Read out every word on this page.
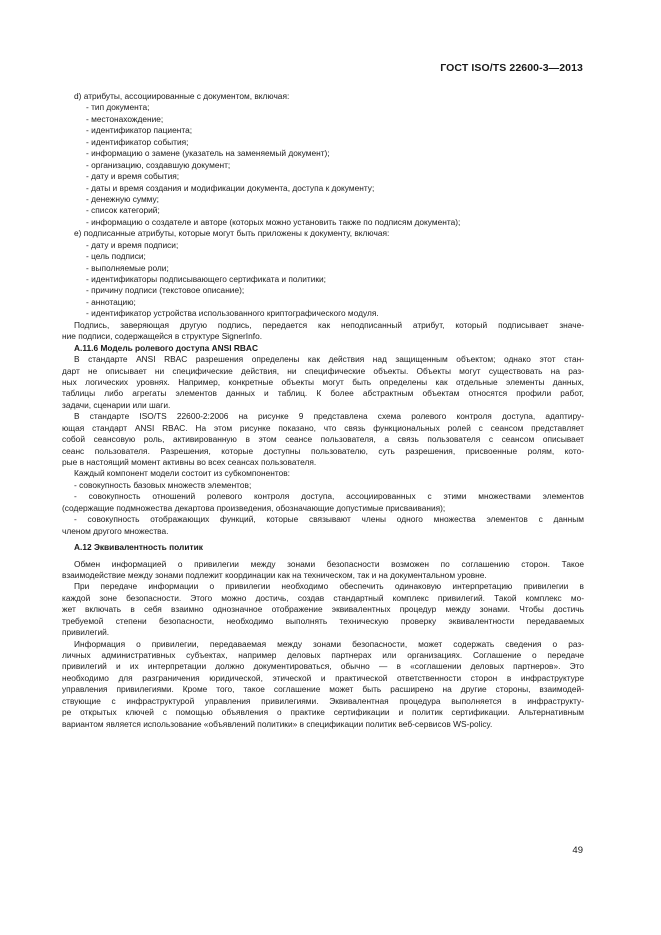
ГОСТ ISO/TS 22600-3—2013
d) атрибуты, ассоциированные с документом, включая:
- тип документа;
- местонахождение;
- идентификатор пациента;
- идентификатор события;
- информацию о замене (указатель на заменяемый документ);
- организацию, создавшую документ;
- дату и время события;
- даты и время создания и модификации документа, доступа к документу;
- денежную сумму;
- список категорий;
- информацию о создателе и авторе (которых можно установить также по подписям документа);
е) подписанные атрибуты, которые могут быть приложены к документу, включая:
- дату и время подписи;
- цель подписи;
- выполняемые роли;
- идентификаторы подписывающего сертификата и политики;
- причину подписи (текстовое описание);
- аннотацию;
- идентификатор устройства использованного криптографического модуля.
Подпись, заверяющая другую подпись, передается как неподписанный атрибут, который подписывает значе-
ние подписи, содержащейся в структуре SignerInfo.
A.11.6 Модель ролевого доступа ANSI RBAC
В стандарте ANSI RBAC разрешения определены как действия над защищенным объектом; однако этот стан-
дарт не описывает ни специфические действия, ни специфические объекты. Объекты могут существовать на раз-
ных логических уровнях. Например, конкретные объекты могут быть определены как отдельные элементы данных,
таблицы либо агрегаты элементов данных и таблиц. К более абстрактным объектам относятся профили работ,
задачи, сценарии или шаги.
В стандарте ISO/TS 22600-2:2006 на рисунке 9 представлена схема ролевого контроля доступа, адаптиру-
ющая стандарт ANSI RBAC. На этом рисунке показано, что связь функциональных ролей с сеансом представляет
собой сеансовую роль, активированную в этом сеансе пользователя, а связь пользователя с сеансом описывает
сеанс пользователя. Разрешения, которые доступны пользователю, суть разрешения, присвоенные ролям, кото-
рые в настоящий момент активны во всех сеансах пользователя.
Каждый компонент модели состоит из субкомпонентов:
- совокупность базовых множеств элементов;
- совокупность отношений ролевого контроля доступа, ассоциированных с этими множествами элементов
(содержащие подмножества декартова произведения, обозначающие допустимые присваивания);
- совокупность отображающих функций, которые связывают члены одного множества элементов с данным
членом другого множества.
A.12 Эквивалентность политик
Обмен информацией о привилегии между зонами безопасности возможен по соглашению сторон. Такое
взаимодействие между зонами подлежит координации как на техническом, так и на документальном уровне.
При передаче информации о привилегии необходимо обеспечить одинаковую интерпретацию привилегии в
каждой зоне безопасности. Этого можно достичь, создав стандартный комплекс привилегий. Такой комплекс мо-
жет включать в себя взаимно однозначное отображение эквивалентных процедур между зонами. Чтобы достичь
требуемой степени безопасности, необходимо выполнять техническую проверку эквивалентности передаваемых
привилегий.
Информация о привилегии, передаваемая между зонами безопасности, может содержать сведения о раз-
личных административных субъектах, например деловых партнерах или организациях. Соглашение о передаче
привилегий и их интерпретации должно документироваться, обычно — в «соглашении деловых партнеров». Это
необходимо для разграничения юридической, этической и практической ответственности сторон в инфраструктуре
управления привилегиями. Кроме того, такое соглашение может быть расширено на другие стороны, взаимодей-
ствующие с инфраструктурой управления привилегиями. Эквивалентная процедура выполняется в инфраструкту-
ре открытых ключей с помощью объявления о практике сертификации и политик сертификации. Альтернативным
вариантом является использование «объявлений политики» в спецификации политик веб-сервисов WS-policy.
49
